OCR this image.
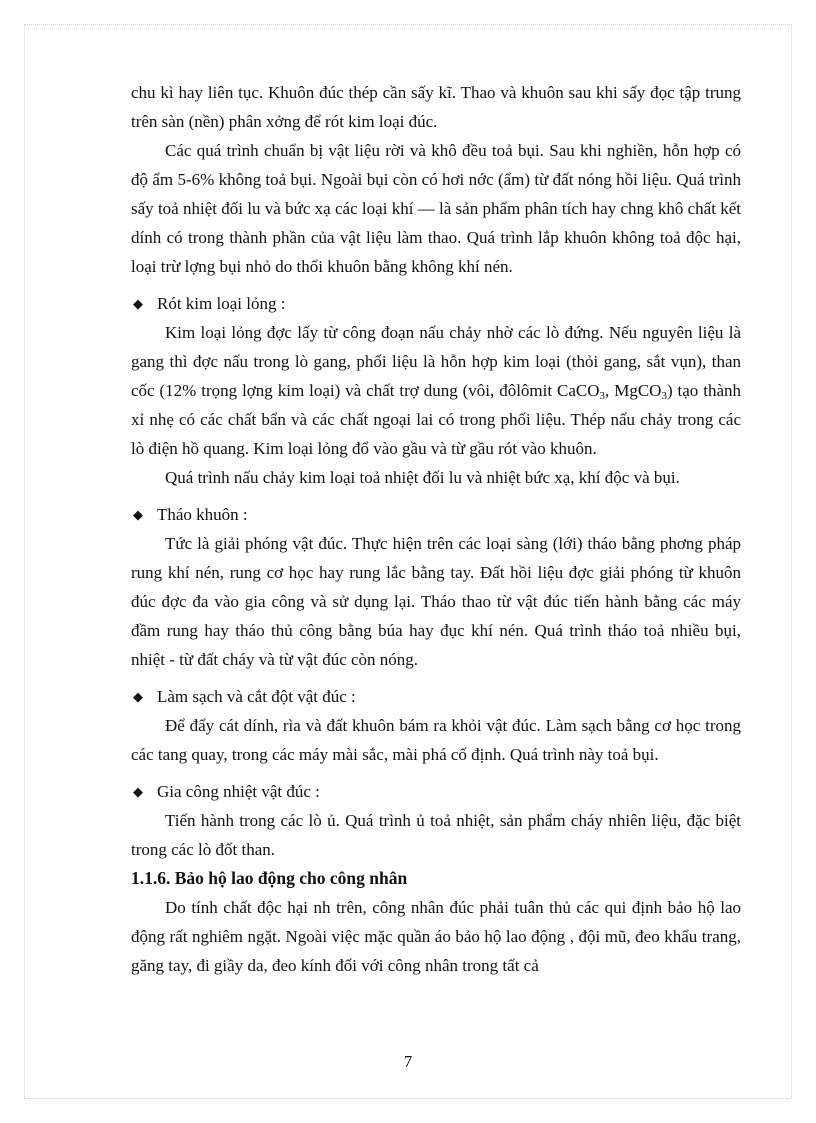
chu kì hay liên tục. Khuôn đúc thép cần sấy kĩ. Thao và khuôn sau khi sấy đọc tập trung trên sàn (nền) phân xởng để rót kim loại đúc.

Các quá trình chuẩn bị vật liệu rời và khô đều toả bụi. Sau khi nghiền, hỗn hợp có độ ẩm 5-6% không toả bụi. Ngoài bụi còn có hơi nớc (ẩm) từ đất nóng hồi liệu. Quá trình sấy toả nhiệt đối lu và bức xạ các loại khí — là sản phẩm phân tích hay chng khô chất kết dính có trong thành phần của vật liệu làm thao. Quá trình lắp khuôn không toả độc hại, loại trừ lợng bụi nhỏ do thổi khuôn bằng không khí nén.

◆ Rót kim loại lỏng :

Kim loại lỏng đợc lấy từ công đoạn nấu chảy nhờ các lò đứng. Nếu nguyên liệu là gang thì đợc nấu trong lò gang, phối liệu là hỗn hợp kim loại (thỏi gang, sắt vụn), than cốc (12% trọng lợng kim loại) và chất trợ dung (vôi, đôlômit CaCO$_3$, MgCO$_3$) tạo thành xỉ nhẹ có các chất bẩn và các chất ngoại lai có trong phối liệu. Thép nấu chảy trong các lò điện hồ quang. Kim loại lỏng đổ vào gầu và từ gầu rót vào khuôn.

Quá trình nấu chảy kim loại toả nhiệt đối lu và nhiệt bức xạ, khí độc và bụi.

◆ Tháo khuôn :

Tức là giải phóng vật đúc. Thực hiện trên các loại sàng (lới) tháo bằng phơng pháp rung khí nén, rung cơ học hay rung lắc bằng tay. Đất hồi liệu đợc giải phóng từ khuôn đúc đợc đa vào gia công và sử dụng lại. Tháo thao từ vật đúc tiến hành bằng các máy đầm rung hay tháo thủ công bằng búa hay đục khí nén. Quá trình tháo toả nhiều bụi, nhiệt - từ đất cháy và từ vật đúc còn nóng.

◆ Làm sạch và cắt đột vật đúc :

Để đẩy cát dính, rìa và đất khuôn bám ra khỏi vật đúc. Làm sạch bằng cơ học trong các tang quay, trong các máy mài sắc, mài phá cố định. Quá trình này toả bụi.

◆ Gia công nhiệt vật đúc :

Tiến hành trong các lò ủ. Quá trình ủ toả nhiệt, sản phẩm cháy nhiên liệu, đặc biệt trong các lò đốt than.

1.1.6. Bảo hộ lao động cho công nhân

Do tính chất độc hại nh trên, công nhân đúc phải tuân thủ các qui định bảo hộ lao động rất nghiêm ngặt. Ngoài việc mặc quần áo bảo hộ lao động , đội mũ, đeo khẩu trang, găng tay, đi giầy da, đeo kính đối với công nhân trong tất cả

7
